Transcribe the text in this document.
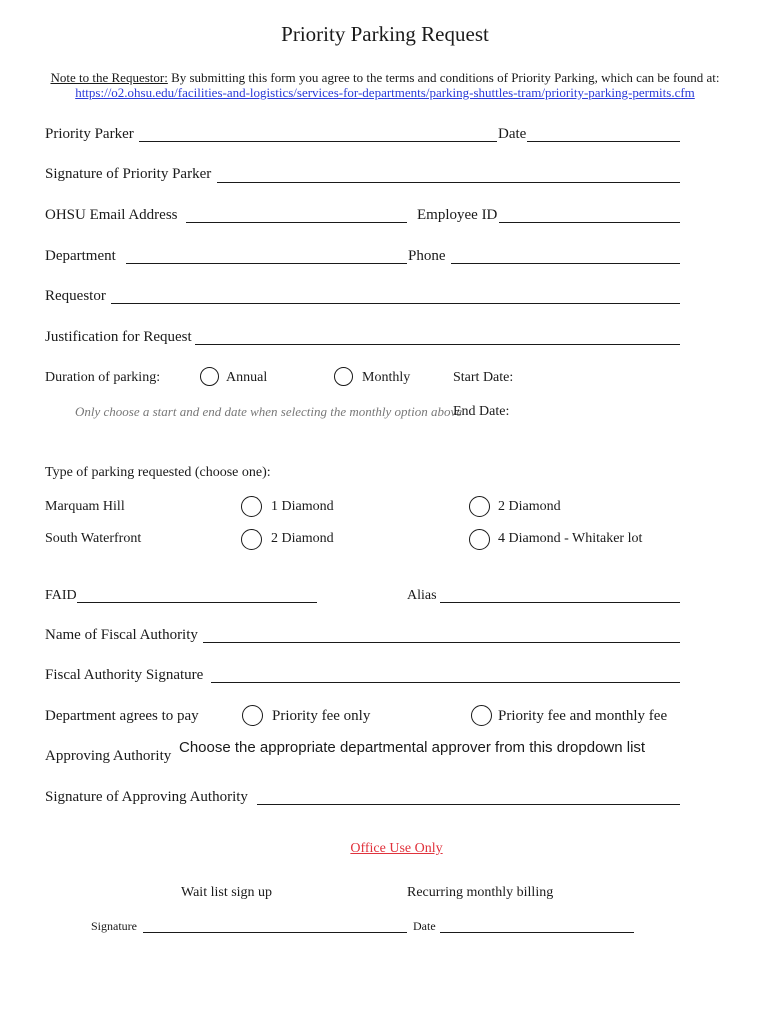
Priority Parking Request
Note to the Requestor: By submitting this form you agree to the terms and conditions of Priority Parking, which can be found at:
https://o2.ohsu.edu/facilities-and-logistics/services-for-departments/parking-shuttles-tram/priority-parking-permits.cfm
Priority Parker	Date
Signature of Priority Parker
OHSU Email Address	Employee ID
Department	Phone
Requestor
Justification for Request
Duration of parking:	Annual	Monthly	Start Date:
Only choose a start and end date when selecting the monthly option above
End Date:
Type of parking requested (choose one):
Marquam Hill	1 Diamond	2 Diamond
South Waterfront	2 Diamond	4 Diamond - Whitaker lot
FAID	Alias
Name of Fiscal Authority
Fiscal Authority Signature
Department agrees to pay	Priority fee only	Priority fee and monthly fee
Approving Authority Choose the appropriate departmental approver from this dropdown list
Signature of Approving Authority
Office Use Only
Wait list sign up	Recurring monthly billing
Signature	Date
